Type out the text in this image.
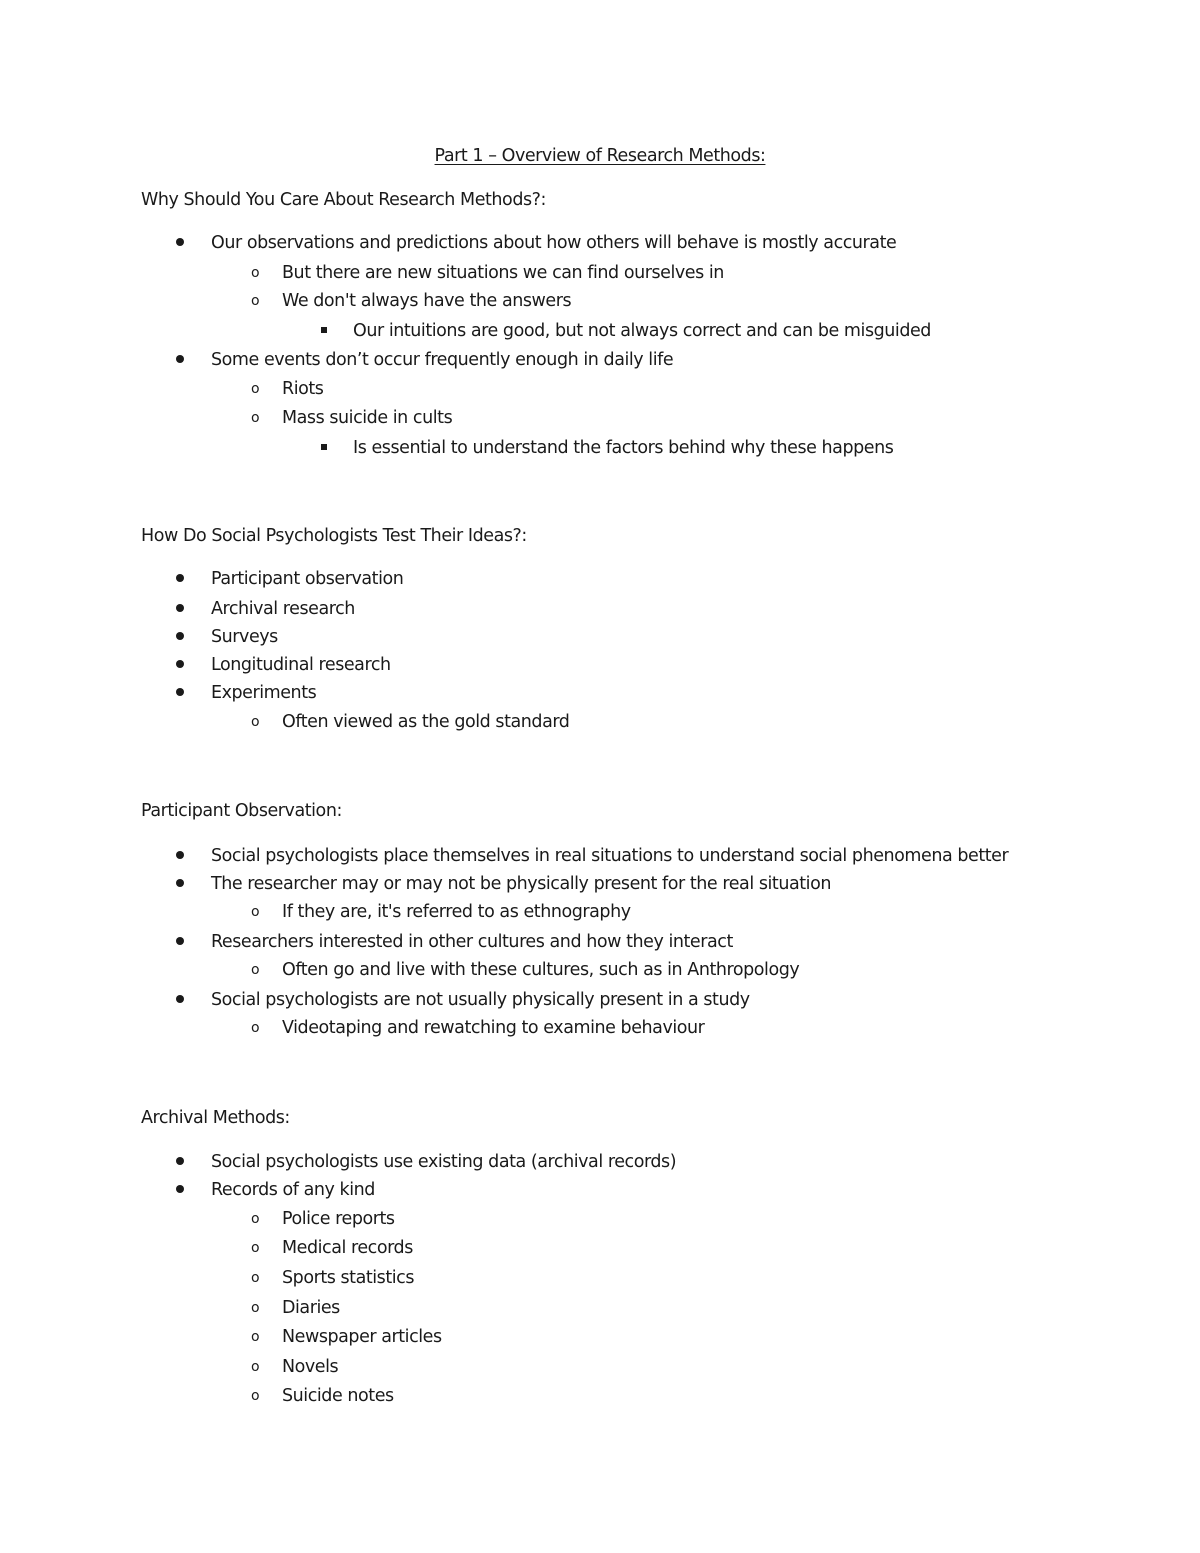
Part 1 – Overview of Research Methods:
Why Should You Care About Research Methods?:
Our observations and predictions about how others will behave is mostly accurate
o	But there are new situations we can find ourselves in
o	We don't always have the answers
Our intuitions are good, but not always correct and can be misguided
Some events don’t occur frequently enough in daily life
o	Riots
o	Mass suicide in cults
Is essential to understand the factors behind why these happens
How Do Social Psychologists Test Their Ideas?:
Participant observation
Archival research
Surveys
Longitudinal research
Experiments
o	Often viewed as the gold standard
Participant Observation:
Social psychologists place themselves in real situations to understand social phenomena better
The researcher may or may not be physically present for the real situation
o	If they are, it's referred to as ethnography
Researchers interested in other cultures and how they interact
o	Often go and live with these cultures, such as in Anthropology
Social psychologists are not usually physically present in a study
o	Videotaping and rewatching to examine behaviour
Archival Methods:
Social psychologists use existing data (archival records)
Records of any kind
o	Police reports
o	Medical records
o	Sports statistics
o	Diaries
o	Newspaper articles
o	Novels
o	Suicide notes
